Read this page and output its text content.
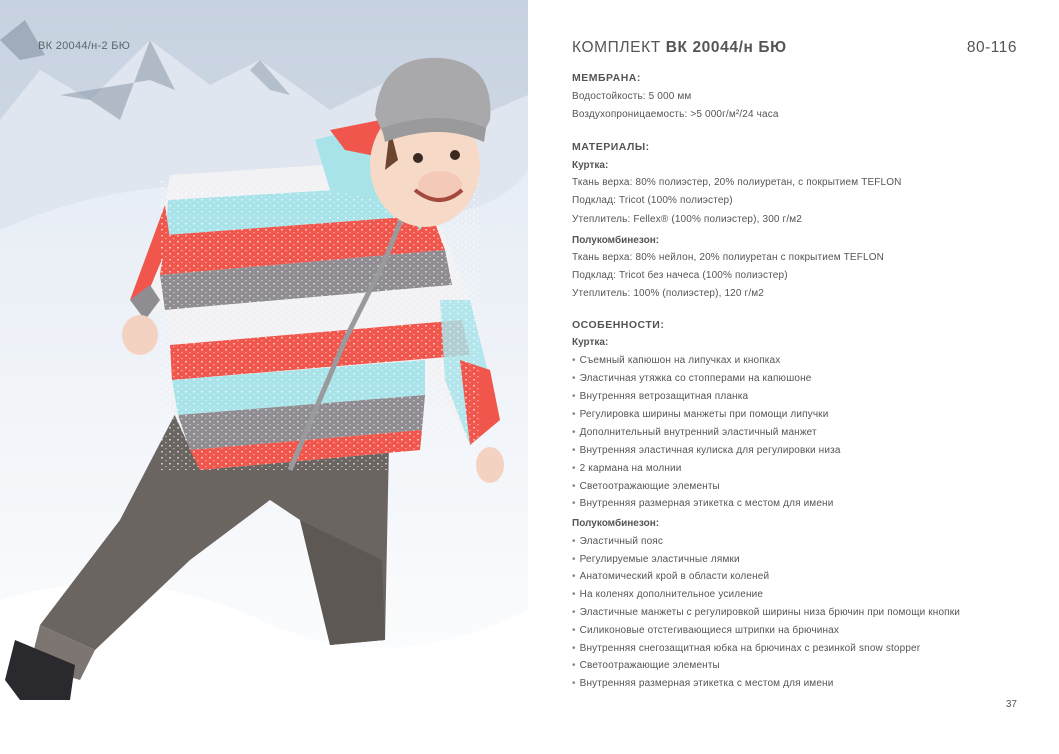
ВК 20044/н-2 БЮ	КОМПЛЕКТ ВК 20044/н БЮ	80-116
МЕМБРАНА:
Водостойкость: 5 000 мм
Воздухопроницаемость: >5 000г/м²/24 часа
МАТЕРИАЛЫ:
Куртка:
Ткань верха: 80% полиэстер, 20% полиуретан, с покрытием TEFLON
Подклад: Tricot (100% полиэстер)
Утеплитель: Fellex® (100% полиэстер), 300 г/м2
Полукомбинезон:
Ткань верха: 80% нейлон, 20% полиуретан с покрытием TEFLON
Подклад: Tricot без начеса (100% полиэстер)
Утеплитель: 100% (полиэстер), 120 г/м2
ОСОБЕННОСТИ:
Куртка:
• Съемный капюшон на липучках и кнопках
• Эластичная утяжка со стопперами на капюшоне
• Внутренняя ветрозащитная планка
• Регулировка ширины манжеты при помощи липучки
• Дополнительный внутренний эластичный манжет
• Внутренняя эластичная кулиска для регулировки низа
• 2 кармана на молнии
• Светоотражающие элементы
• Внутренняя размерная этикетка с местом для имени
Полукомбинезон:
• Эластичный пояс
• Регулируемые эластичные лямки
• Анатомический крой в области коленей
• На коленях дополнительное усиление
• Эластичные манжеты с регулировкой ширины низа брючин при помощи кнопки
• Силиконовые отстегивающиеся штрипки на брючинах
• Внутренняя снегозащитная юбка на брючинах с резинкой snow stopper
• Светоотражающие элементы
• Внутренняя размерная этикетка с местом для имени
37
